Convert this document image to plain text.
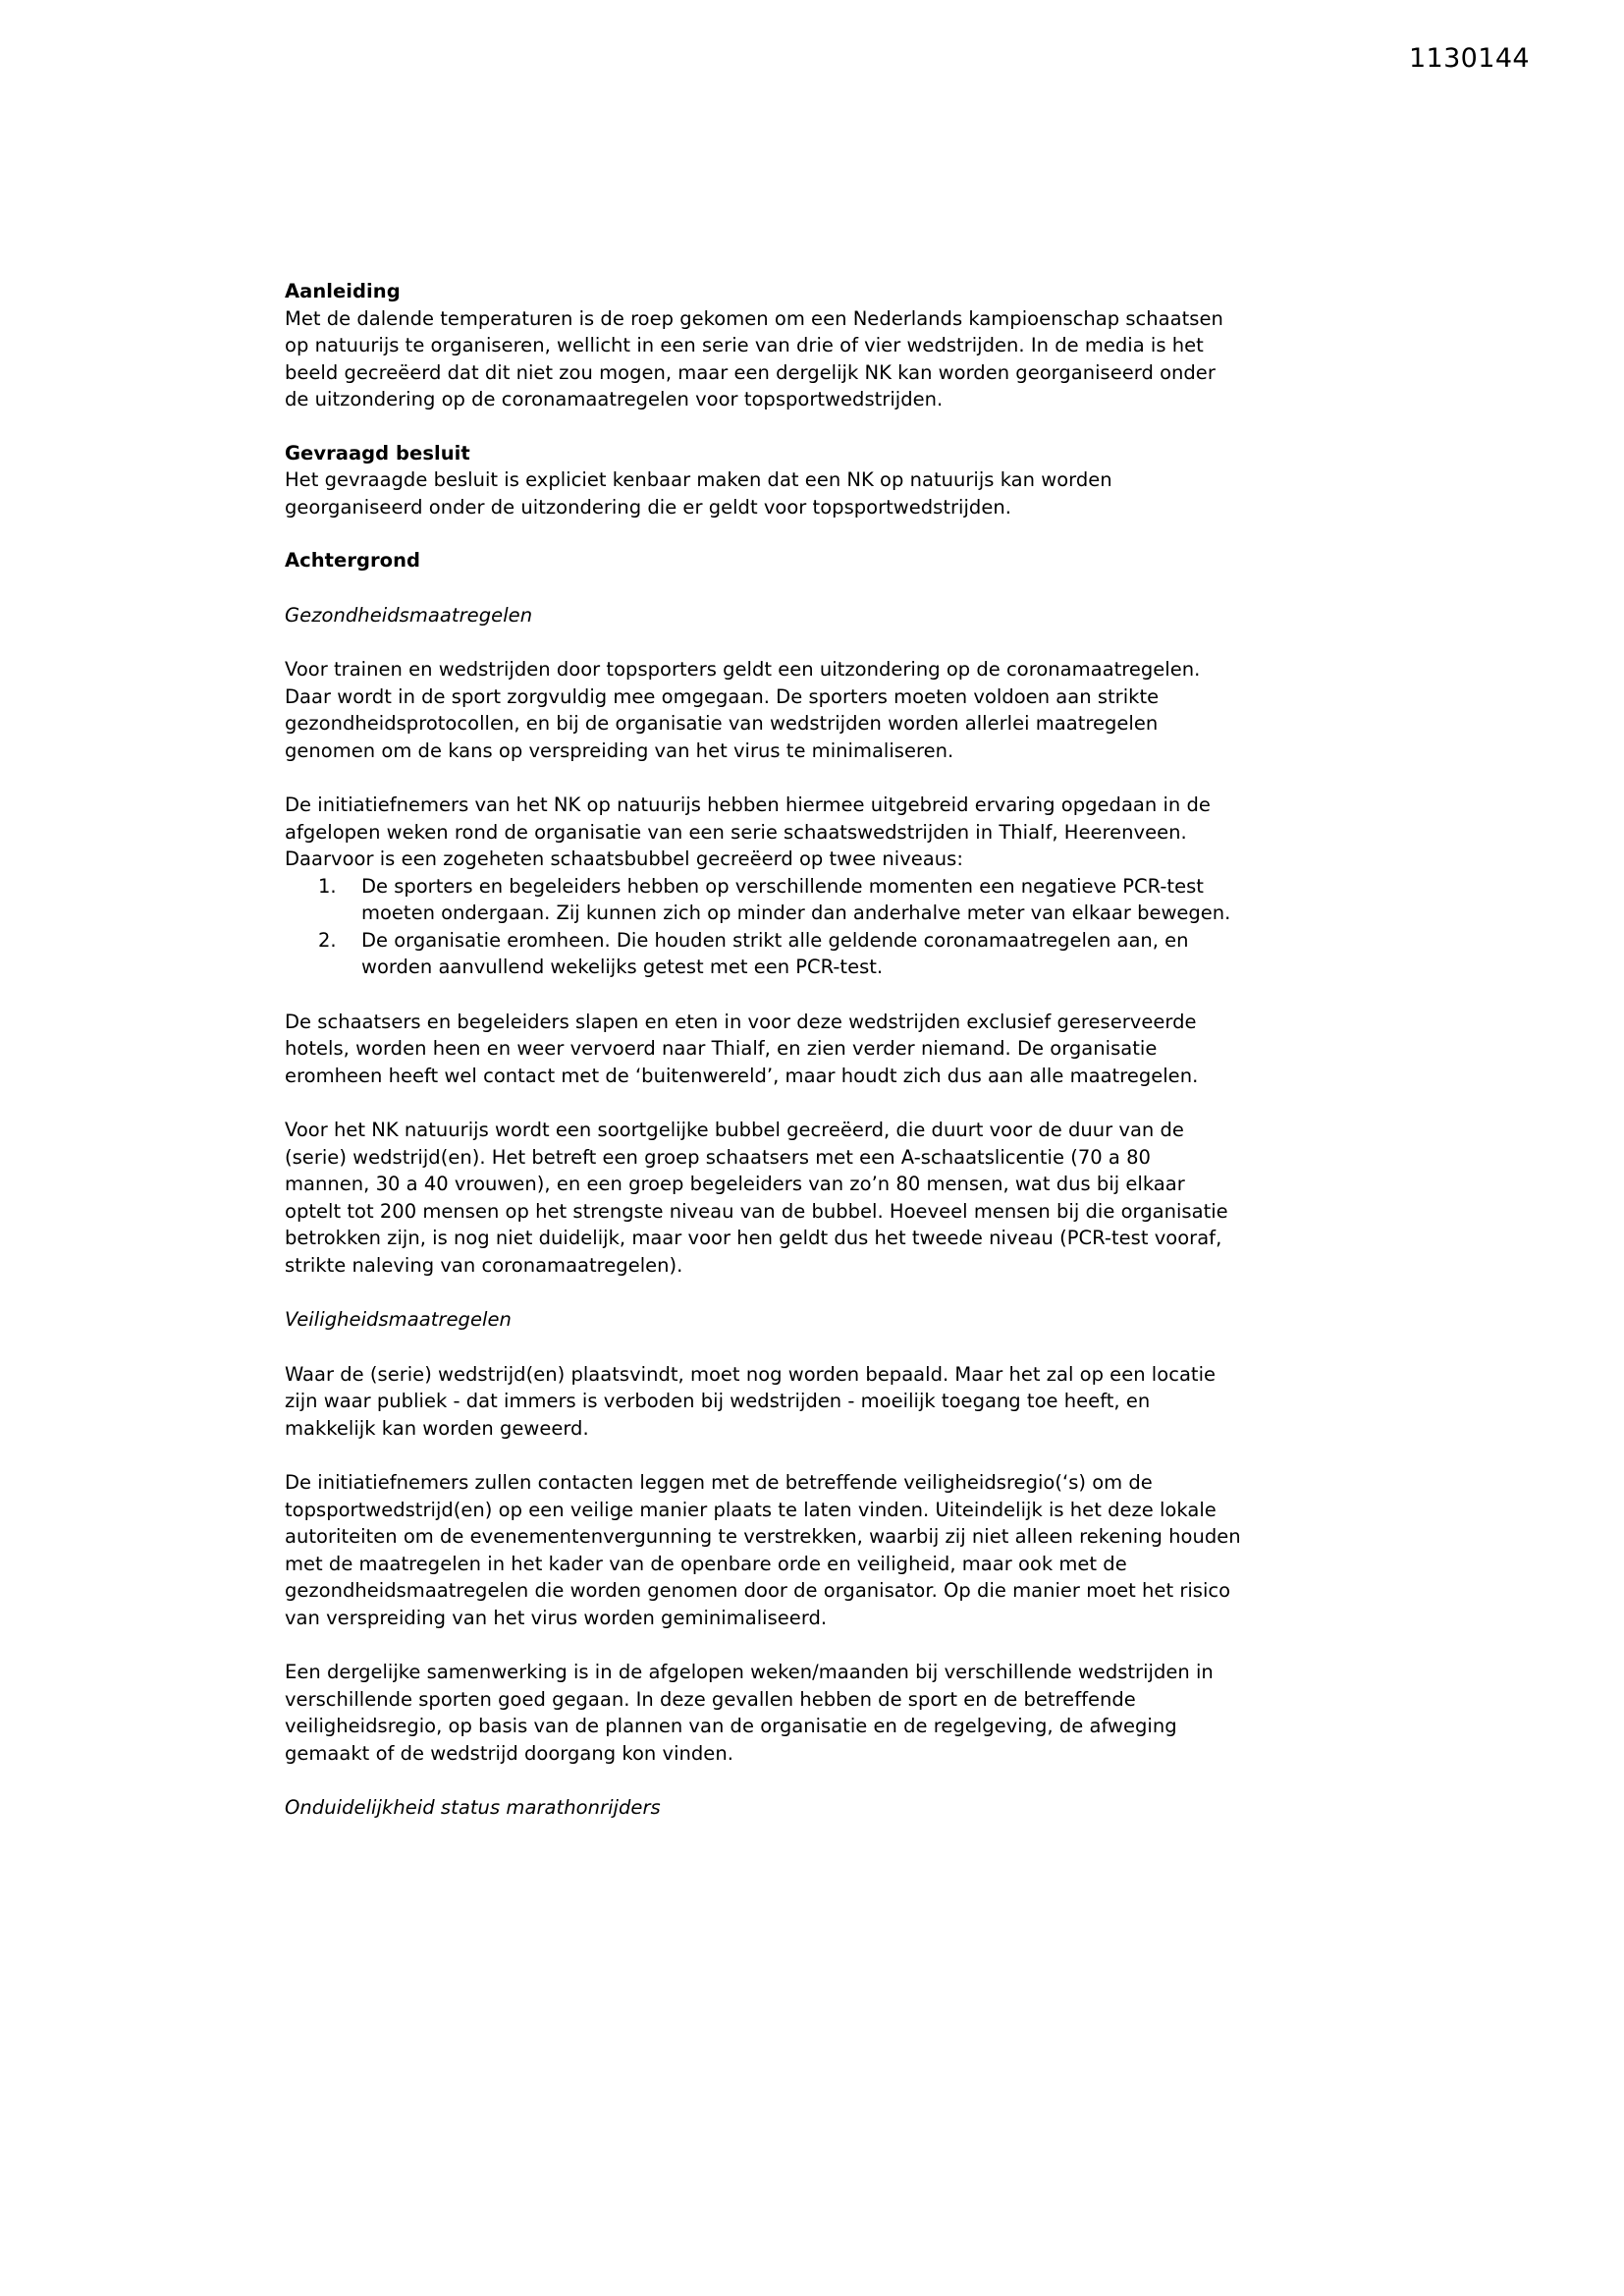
1130144
Aanleiding

Met de dalende temperaturen is de roep gekomen om een Nederlands kampioenschap schaatsen
op natuurijs te organiseren, wellicht in een serie van drie of vier wedstrijden. In de media is het
beeld gecreëerd dat dit niet zou mogen, maar een dergelijk NK kan worden georganiseerd onder
de uitzondering op de coronamaatregelen voor topsportwedstrijden.

Gevraagd besluit

Het gevraagde besluit is expliciet kenbaar maken dat een NK op natuurijs kan worden
georganiseerd onder de uitzondering die er geldt voor topsportwedstrijden.

Achtergrond
Gezondheidsmaatregelen

Voor trainen en wedstrijden door topsporters geldt een uitzondering op de coronamaatregelen.
Daar wordt in de sport zorgvuldig mee omgegaan. De sporters moeten voldoen aan strikte
gezondheidsprotocollen, en bij de organisatie van wedstrijden worden allerlei maatregelen
genomen om de kans op verspreiding van het virus te minimaliseren.

De initiatiefnemers van het NK op natuurijs hebben hiermee uitgebreid ervaring opgedaan in de
afgelopen weken rond de organisatie van een serie schaatswedstrijden in Thialf, Heerenveen.
Daarvoor is een zogeheten schaatsbubbel gecreëerd op twee niveaus:

1.	De sporters en begeleiders hebben op verschillende momenten een negatieve PCR-test
moeten ondergaan. Zij kunnen zich op minder dan anderhalve meter van elkaar bewegen.
2.	De organisatie eromheen. Die houden strikt alle geldende coronamaatregelen aan, en
worden aanvullend wekelijks getest met een PCR-test.

De schaatsers en begeleiders slapen en eten in voor deze wedstrijden exclusief gereserveerde
hotels, worden heen en weer vervoerd naar Thialf, en zien verder niemand. De organisatie
eromheen heeft wel contact met de ‘buitenwereld’, maar houdt zich dus aan alle maatregelen.

Voor het NK natuurijs wordt een soortgelijke bubbel gecreëerd, die duurt voor de duur van de
(serie) wedstrijd(en). Het betreft een groep schaatsers met een A-schaatslicentie (70 a 80
mannen, 30 a 40 vrouwen), en een groep begeleiders van zo’n 80 mensen, wat dus bij elkaar
optelt tot 200 mensen op het strengste niveau van de bubbel. Hoeveel mensen bij die organisatie
betrokken zijn, is nog niet duidelijk, maar voor hen geldt dus het tweede niveau (PCR-test vooraf,
strikte naleving van coronamaatregelen).

Veiligheidsmaatregelen

Waar de (serie) wedstrijd(en) plaatsvindt, moet nog worden bepaald. Maar het zal op een locatie
zijn waar publiek - dat immers is verboden bij wedstrijden - moeilijk toegang toe heeft, en
makkelijk kan worden geweerd.

De initiatiefnemers zullen contacten leggen met de betreffende veiligheidsregio(‘s) om de
topsportwedstrijd(en) op een veilige manier plaats te laten vinden. Uiteindelijk is het deze lokale
autoriteiten om de evenementenvergunning te verstrekken, waarbij zij niet alleen rekening houden
met de maatregelen in het kader van de openbare orde en veiligheid, maar ook met de
gezondheidsmaatregelen die worden genomen door de organisator. Op die manier moet het risico
van verspreiding van het virus worden geminimaliseerd.

Een dergelijke samenwerking is in de afgelopen weken/maanden bij verschillende wedstrijden in
verschillende sporten goed gegaan. In deze gevallen hebben de sport en de betreffende
veiligheidsregio, op basis van de plannen van de organisatie en de regelgeving, de afweging
gemaakt of de wedstrijd doorgang kon vinden.

Onduidelijkheid status marathonrijders
